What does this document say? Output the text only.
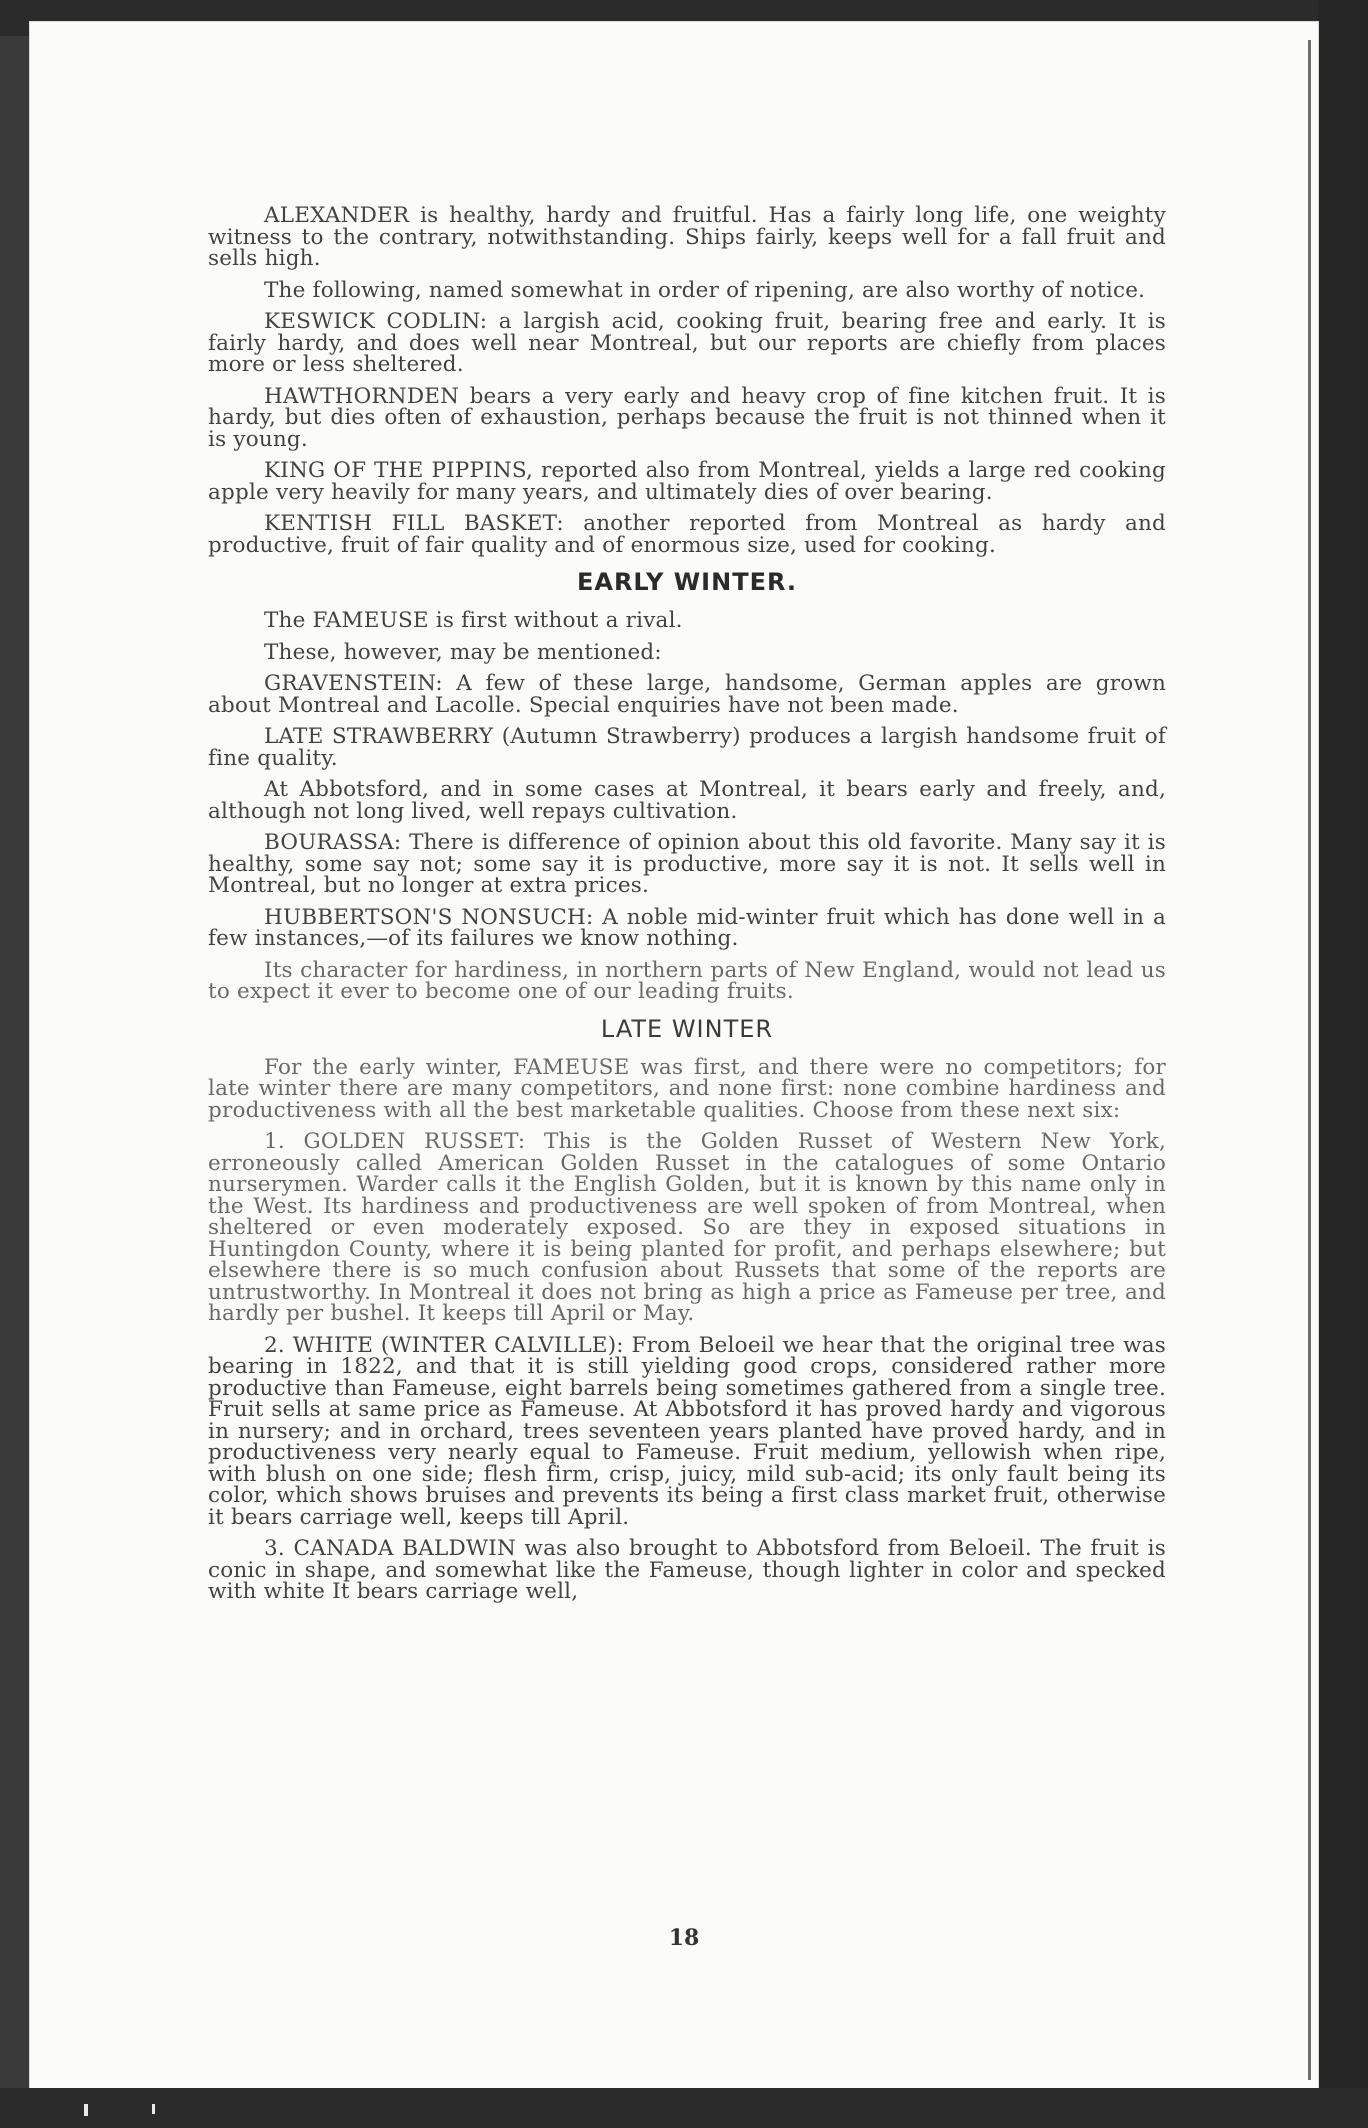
ALEXANDER is healthy, hardy and fruitful. Has a fairly long life, one weighty witness to the contrary, notwithstanding. Ships fairly, keeps well for a fall fruit and sells high.

The following, named somewhat in order of ripening, are also worthy of notice.

KESWICK CODLIN: a largish acid, cooking fruit, bearing free and early. It is fairly hardy, and does well near Montreal, but our reports are chiefly from places more or less sheltered.

HAWTHORNDEN bears a very early and heavy crop of fine kitchen fruit. It is hardy, but dies often of exhaustion, perhaps because the fruit is not thinned when it is young.

KING OF THE PIPPINS, reported also from Montreal, yields a large red cooking apple very heavily for many years, and ultimately dies of over bearing.

KENTISH FILL BASKET: another reported from Montreal as hardy and productive, fruit of fair quality and of enormous size, used for cooking.

EARLY WINTER.

The FAMEUSE is first without a rival.

These, however, may be mentioned:

GRAVENSTEIN: A few of these large, handsome, German apples are grown about Montreal and Lacolle. Special enquiries have not been made.

LATE STRAWBERRY (Autumn Strawberry) produces a largish handsome fruit of fine quality.

At Abbotsford, and in some cases at Montreal, it bears early and freely, and, although not long lived, well repays cultivation.

BOURASSA: There is difference of opinion about this old favorite. Many say it is healthy, some say not; some say it is productive, more say it is not. It sells well in Montreal, but no longer at extra prices.

HUBBERTSON'S NONSUCH: A noble mid-winter fruit which has done well in a few instances,—of its failures we know nothing.

Its character for hardiness, in northern parts of New England, would not lead us to expect it ever to become one of our leading fruits.

LATE WINTER

For the early winter, FAMEUSE was first, and there were no competitors; for late winter there are many competitors, and none first: none combine hardiness and productiveness with all the best marketable qualities. Choose from these next six:

1. GOLDEN RUSSET: This is the Golden Russet of Western New York, erroneously called American Golden Russet in the catalogues of some Ontario nurserymen. Warder calls it the English Golden, but it is known by this name only in the West. Its hardiness and productiveness are well spoken of from Montreal, when sheltered or even moderately exposed. So are they in exposed situations in Huntingdon County, where it is being planted for profit, and perhaps elsewhere; but elsewhere there is so much confusion about Russets that some of the reports are untrustworthy. In Montreal it does not bring as high a price as Fameuse per tree, and hardly per bushel. It keeps till April or May.

2. WHITE (WINTER CALVILLE): From Beloeil we hear that the original tree was bearing in 1822, and that it is still yielding good crops, considered rather more productive than Fameuse, eight barrels being sometimes gathered from a single tree. Fruit sells at same price as Fameuse. At Abbotsford it has proved hardy and vigorous in nursery; and in orchard, trees seventeen years planted have proved hardy, and in productiveness very nearly equal to Fameuse. Fruit medium, yellowish when ripe, with blush on one side; flesh firm, crisp, juicy, mild sub-acid; its only fault being its color, which shows bruises and prevents its being a first class market fruit, otherwise it bears carriage well, keeps till April.

3. CANADA BALDWIN was also brought to Abbotsford from Beloeil. The fruit is conic in shape, and somewhat like the Fameuse, though lighter in color and specked with white It bears carriage well,

18
